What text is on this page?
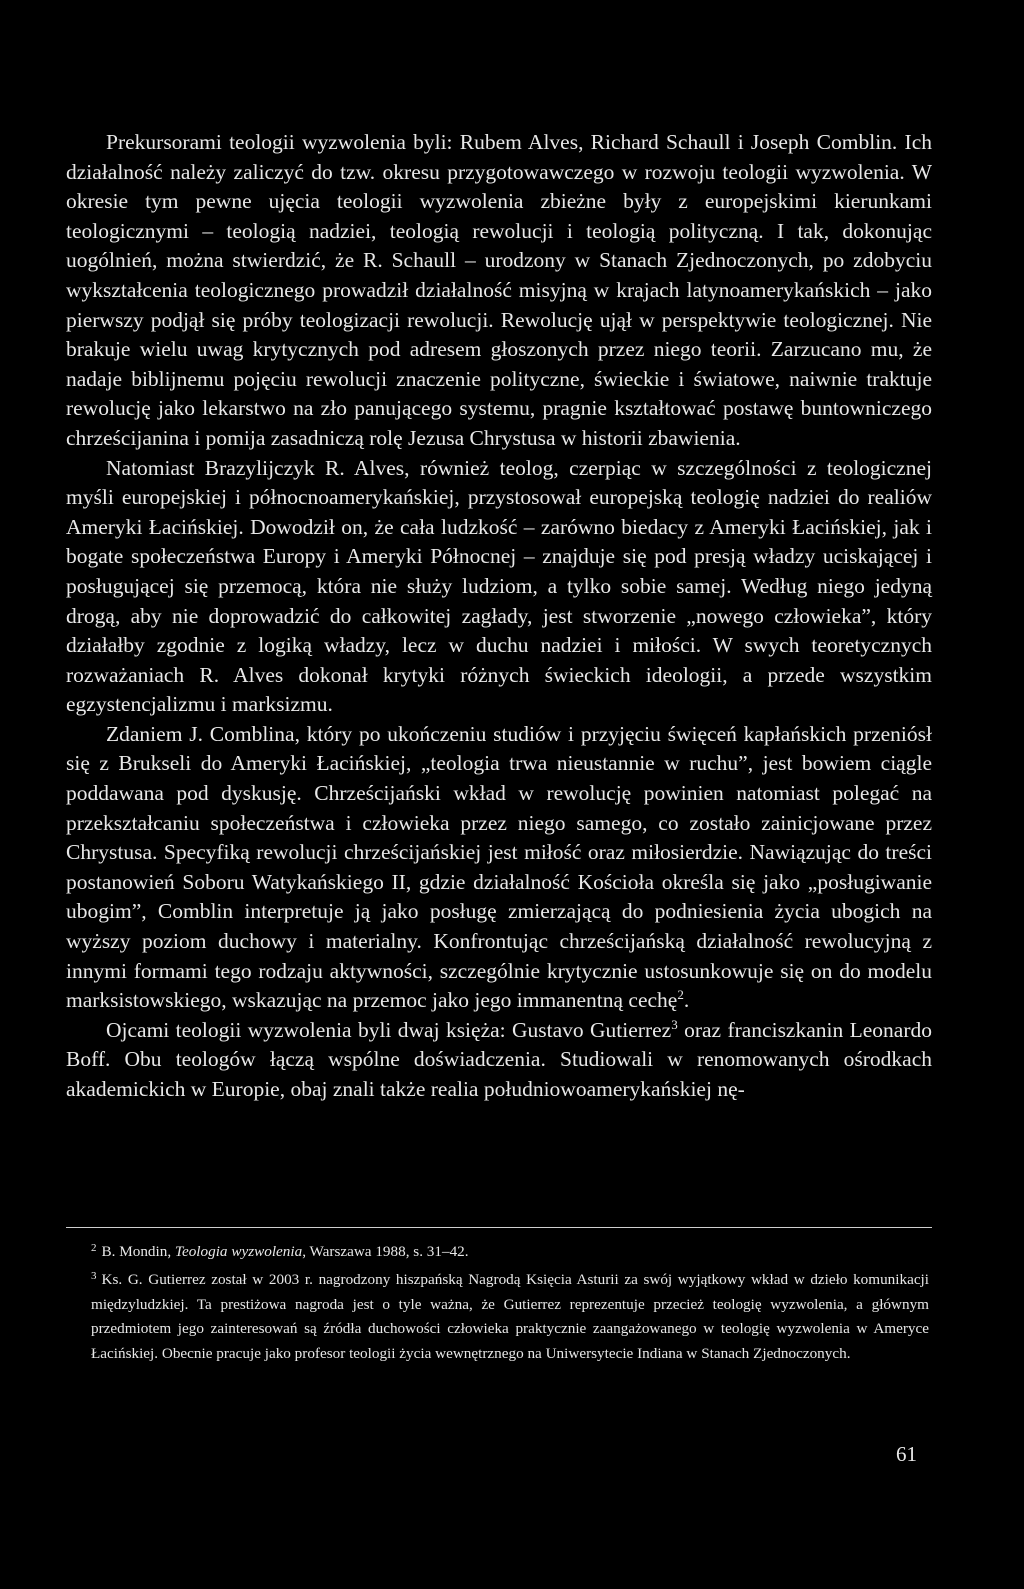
Prekursorami teologii wyzwolenia byli: Rubem Alves, Richard Schaull i Joseph Comblin. Ich działalność należy zaliczyć do tzw. okresu przygotowawczego w rozwoju teologii wyzwolenia. W okresie tym pewne ujęcia teologii wyzwolenia zbieżne były z europejskimi kierunkami teologicznymi – teologią nadziei, teologią rewolucji i teologią polityczną. I tak, dokonując uogólnień, można stwierdzić, że R. Schaull – urodzony w Stanach Zjednoczonych, po zdobyciu wykształcenia teologicznego prowadził działalność misyjną w krajach latynoamerykańskich – jako pierwszy podjął się próby teologizacji rewolucji. Rewolucję ujął w perspektywie teologicznej. Nie brakuje wielu uwag krytycznych pod adresem głoszonych przez niego teorii. Zarzucano mu, że nadaje biblijnemu pojęciu rewolucji znaczenie polityczne, świeckie i światowe, naiwnie traktuje rewolucję jako lekarstwo na zło panującego systemu, pragnie kształtować postawę buntowniczego chrześcijanina i pomija zasadniczą rolę Jezusa Chrystusa w historii zbawienia.

Natomiast Brazylijczyk R. Alves, również teolog, czerpiąc w szczególności z teologicznej myśli europejskiej i północnoamerykańskiej, przystosował europejską teologię nadziei do realiów Ameryki Łacińskiej. Dowodził on, że cała ludzkość – zarówno biedacy z Ameryki Łacińskiej, jak i bogate społeczeństwa Europy i Ameryki Północnej – znajduje się pod presją władzy uciskającej i posługującej się przemocą, która nie służy ludziom, a tylko sobie samej. Według niego jedyną drogą, aby nie doprowadzić do całkowitej zagłady, jest stworzenie „nowego człowieka”, który działałby zgodnie z logiką władzy, lecz w duchu nadziei i miłości. W swych teoretycznych rozważaniach R. Alves dokonał krytyki różnych świeckich ideologii, a przede wszystkim egzystencjalizmu i marksizmu.

Zdaniem J. Comblina, który po ukończeniu studiów i przyjęciu święceń kapłańskich przeniósł się z Brukseli do Ameryki Łacińskiej, „teologia trwa nieustannie w ruchu”, jest bowiem ciągle poddawana pod dyskusję. Chrześcijański wkład w rewolucję powinien natomiast polegać na przekształcaniu społeczeństwa i człowieka przez niego samego, co zostało zainicjowane przez Chrystusa. Specyfiką rewolucji chrześcijańskiej jest miłość oraz miłosierdzie. Nawiązując do treści postanowień Soboru Watykańskiego II, gdzie działalność Kościoła określa się jako „posługiwanie ubogim”, Comblin interpretuje ją jako posługę zmierzającą do podniesienia życia ubogich na wyższy poziom duchowy i materialny. Konfrontując chrześcijańską działalność rewolucyjną z innymi formami tego rodzaju aktywności, szczególnie krytycznie ustosunkowuje się on do modelu marksistowskiego, wskazując na przemoc jako jego immanentną cechę$^2$.

Ojcami teologii wyzwolenia byli dwaj księża: Gustavo Gutierrez$^3$ oraz franciszkanin Leonardo Boff. Obu teologów łączą wspólne doświadczenia. Studiowali w renomowanych ośrodkach akademickich w Europie, obaj znali także realia południowoamerykańskiej nę-

$^2$ B. Mondin, Teologia wyzwolenia, Warszawa 1988, s. 31–42.

$^3$ Ks. G. Gutierrez został w 2003 r. nagrodzony hiszpańską Nagrodą Księcia Asturii za swój wyjątkowy wkład w dzieło komunikacji międzyludzkiej. Ta prestiżowa nagroda jest o tyle ważna, że Gutierrez reprezentuje przecież teologię wyzwolenia, a głównym przedmiotem jego zainteresowań są źródła duchowości człowieka praktycznie zaangażowanego w teologię wyzwolenia w Ameryce Łacińskiej. Obecnie pracuje jako profesor teologii życia wewnętrznego na Uniwersytecie Indiana w Stanach Zjednoczonych.

61
